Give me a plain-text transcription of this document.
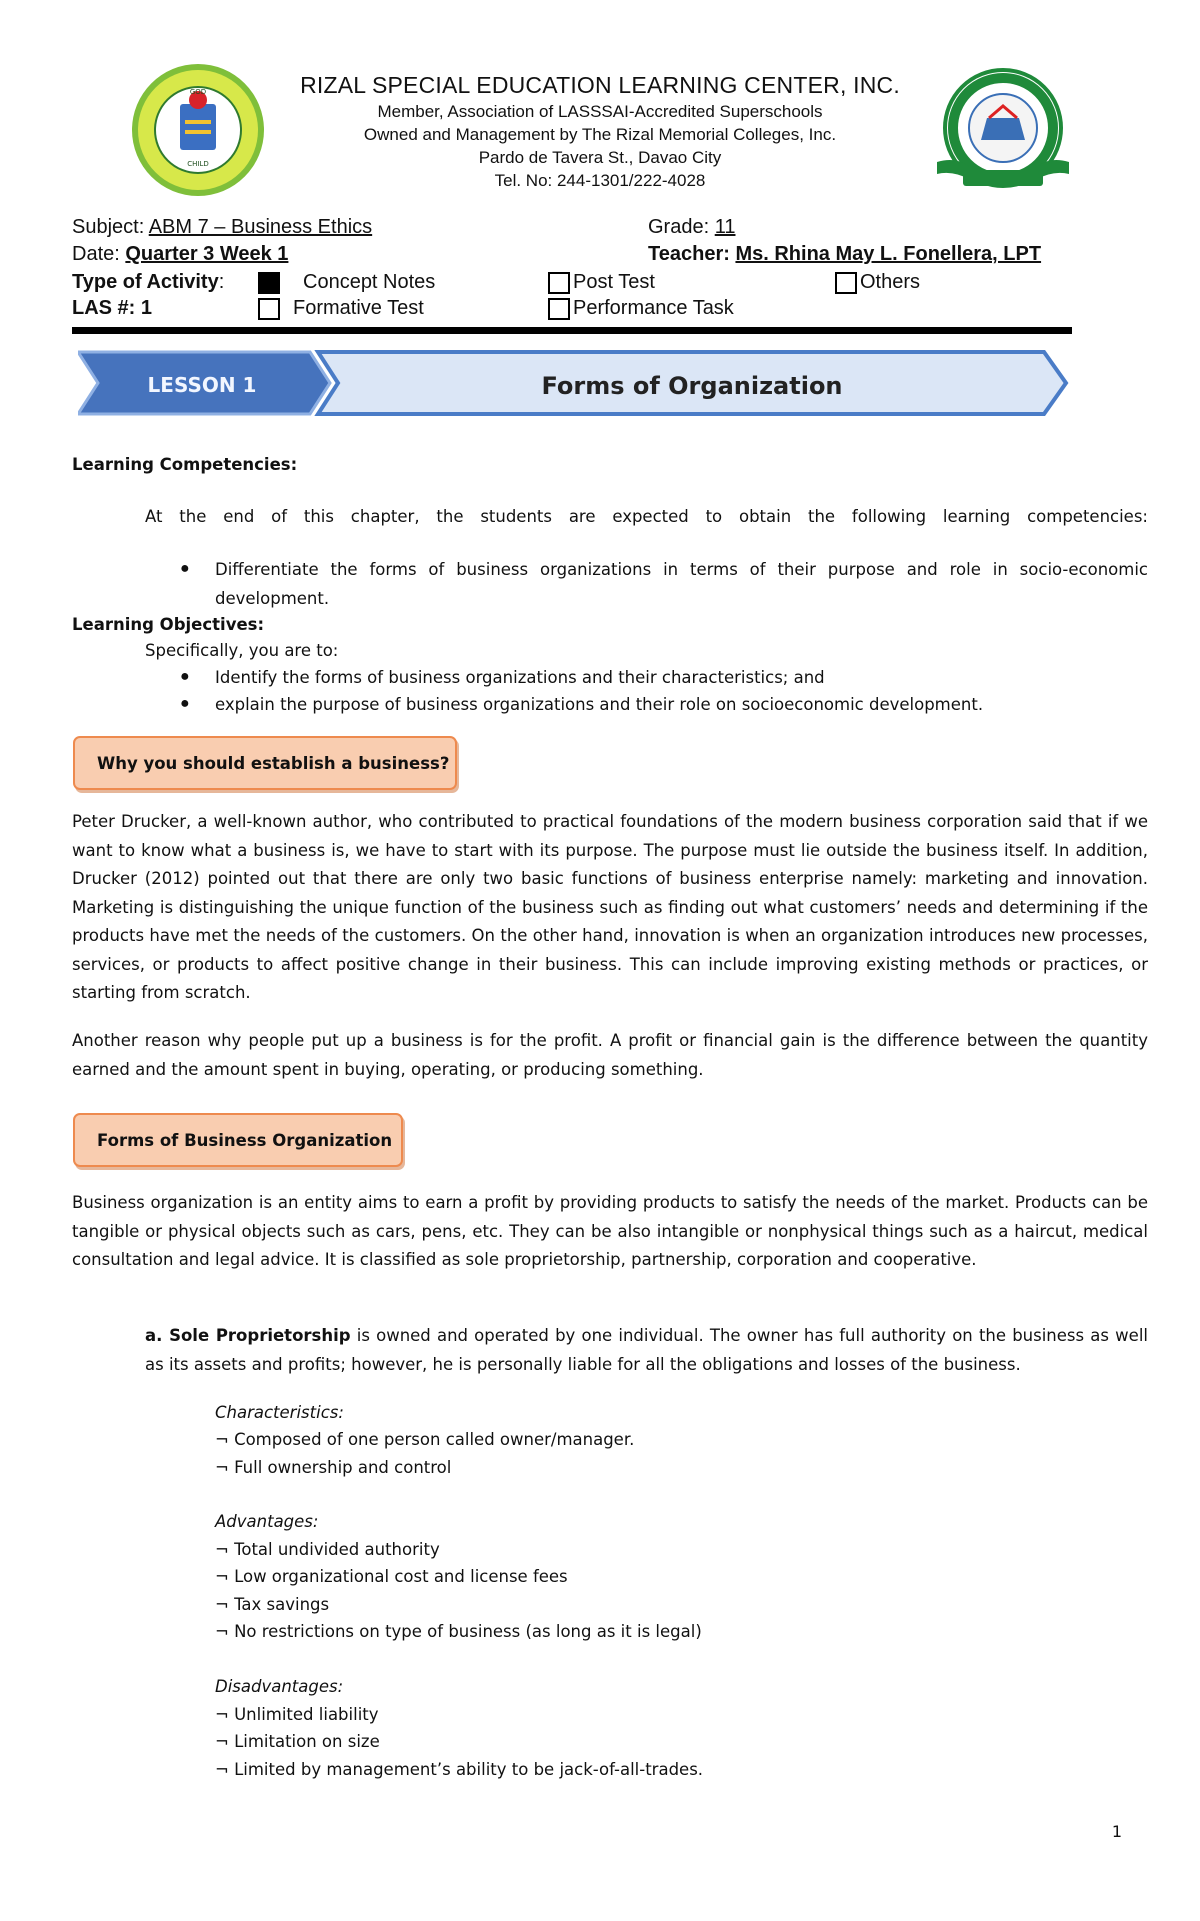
GOD
CHILD
RIZAL SPECIAL EDUCATION LEARNING CENTER, INC.
Member, Association of LASSSAI-Accredited Superschools
Owned and Management by The Rizal Memorial Colleges, Inc.
Pardo de Tavera St., Davao City
Tel. No: 244-1301/222-4028
Subject: ABM 7 – Business Ethics	Grade: 11
Date: Quarter 3 Week 1	Teacher: Ms. Rhina May L. Fonellera, LPT
Type of Activity:	Concept Notes	Post Test	Others
LAS #: 1	Formative Test	Performance Task
LESSON 1	Forms of Organization
Learning Competencies:
At the end of this chapter, the students are expected to obtain the following learning competencies:
● Differentiate the forms of business organizations in terms of their purpose and role in socio-economic development.
Learning Objectives:
Specifically, you are to:
● Identify the forms of business organizations and their characteristics; and
● explain the purpose of business organizations and their role on socioeconomic development.
Why you should establish a business?
Peter Drucker, a well-known author, who contributed to practical foundations of the modern business corporation said that if we want to know what a business is, we have to start with its purpose. The purpose must lie outside the business itself. In addition, Drucker (2012) pointed out that there are only two basic functions of business enterprise namely: marketing and innovation. Marketing is distinguishing the unique function of the business such as finding out what customers’ needs and determining if the products have met the needs of the customers. On the other hand, innovation is when an organization introduces new processes, services, or products to affect positive change in their business. This can include improving existing methods or practices, or starting from scratch.
Another reason why people put up a business is for the profit. A profit or financial gain is the difference between the quantity earned and the amount spent in buying, operating, or producing something.
Forms of Business Organization
Business organization is an entity aims to earn a profit by providing products to satisfy the needs of the market. Products can be tangible or physical objects such as cars, pens, etc. They can be also intangible or nonphysical things such as a haircut, medical consultation and legal advice. It is classified as sole proprietorship, partnership, corporation and cooperative.
a. Sole Proprietorship is owned and operated by one individual. The owner has full authority on the business as well as its assets and profits; however, he is personally liable for all the obligations and losses of the business.
Characteristics:
¬ Composed of one person called owner/manager.
¬ Full ownership and control
Advantages:
¬ Total undivided authority
¬ Low organizational cost and license fees
¬ Tax savings
¬ No restrictions on type of business (as long as it is legal)
Disadvantages:
¬ Unlimited liability
¬ Limitation on size
¬ Limited by management’s ability to be jack-of-all-trades.
1
